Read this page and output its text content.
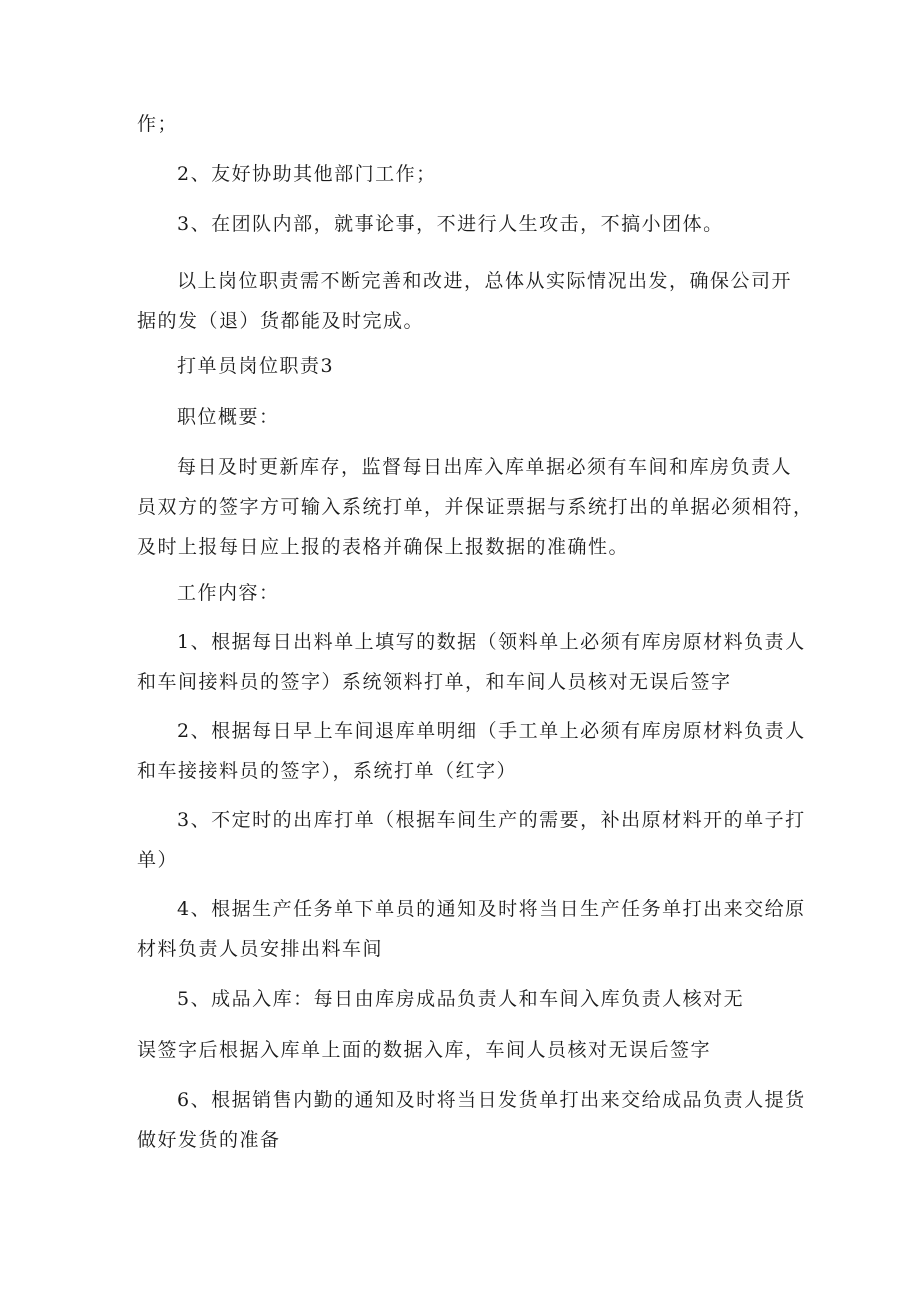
作；
2、友好协助其他部门工作；
3、在团队内部，就事论事，不进行人生攻击，不搞小团体。
以上岗位职责需不断完善和改进，总体从实际情况出发，确保公司开
据的发（退）货都能及时完成。
打单员岗位职责3
职位概要：
每日及时更新库存，监督每日出库入库单据必须有车间和库房负责人
员双方的签字方可输入系统打单，并保证票据与系统打出的单据必须相符，
及时上报每日应上报的表格并确保上报数据的准确性。
工作内容：
1、根据每日出料单上填写的数据（领料单上必须有库房原材料负责人
和车间接料员的签字）系统领料打单，和车间人员核对无误后签字
2、根据每日早上车间退库单明细（手工单上必须有库房原材料负责人
和车接接料员的签字），系统打单（红字）
3、不定时的出库打单（根据车间生产的需要，补出原材料开的单子打
单）
4、根据生产任务单下单员的通知及时将当日生产任务单打出来交给原
材料负责人员安排出料车间
5、成品入库：每日由库房成品负责人和车间入库负责人核对无
误签字后根据入库单上面的数据入库，车间人员核对无误后签字
6、根据销售内勤的通知及时将当日发货单打出来交给成品负责人提货
做好发货的准备
